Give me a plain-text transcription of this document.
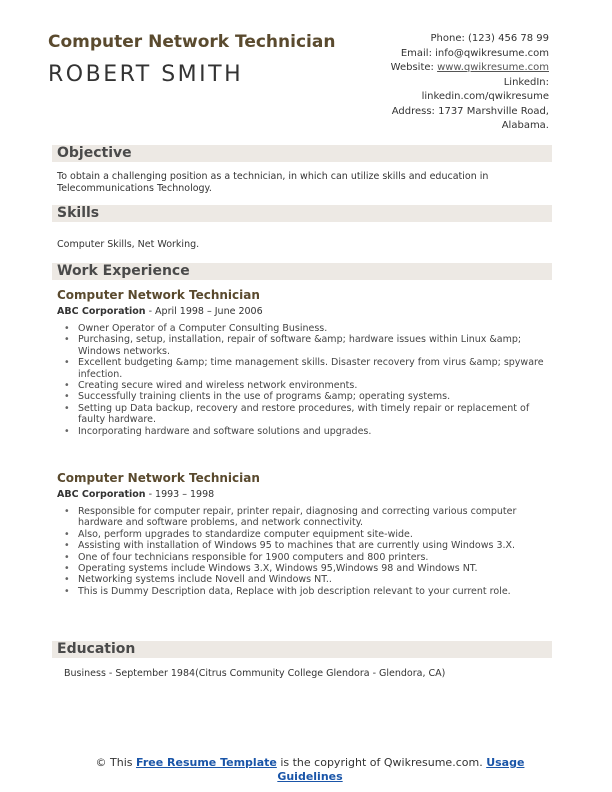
Computer Network Technician
ROBERT SMITH
Phone: (123) 456 78 99
Email: info@qwikresume.com
Website: www.qwikresume.com
LinkedIn:
linkedin.com/qwikresume
Address: 1737 Marshville Road,
Alabama.
Objective
To obtain a challenging position as a technician, in which can utilize skills and education in Telecommunications Technology.
Skills
Computer Skills, Net Working.
Work Experience
Computer Network Technician
ABC Corporation - April 1998 – June 2006
• Owner Operator of a Computer Consulting Business.
• Purchasing, setup, installation, repair of software &amp; hardware issues within Linux &amp; Windows networks.
• Excellent budgeting &amp; time management skills. Disaster recovery from virus &amp; spyware infection.
• Creating secure wired and wireless network environments.
• Successfully training clients in the use of programs &amp; operating systems.
• Setting up Data backup, recovery and restore procedures, with timely repair or replacement of faulty hardware.
• Incorporating hardware and software solutions and upgrades.
Computer Network Technician
ABC Corporation - 1993 – 1998
• Responsible for computer repair, printer repair, diagnosing and correcting various computer hardware and software problems, and network connectivity.
• Also, perform upgrades to standardize computer equipment site-wide.
• Assisting with installation of Windows 95 to machines that are currently using Windows 3.X.
• One of four technicians responsible for 1900 computers and 800 printers.
• Operating systems include Windows 3.X, Windows 95,Windows 98 and Windows NT.
• Networking systems include Novell and Windows NT..
• This is Dummy Description data, Replace with job description relevant to your current role.
Education
Business - September 1984(Citrus Community College Glendora - Glendora, CA)
© This Free Resume Template is the copyright of Qwikresume.com. Usage
Guidelines
